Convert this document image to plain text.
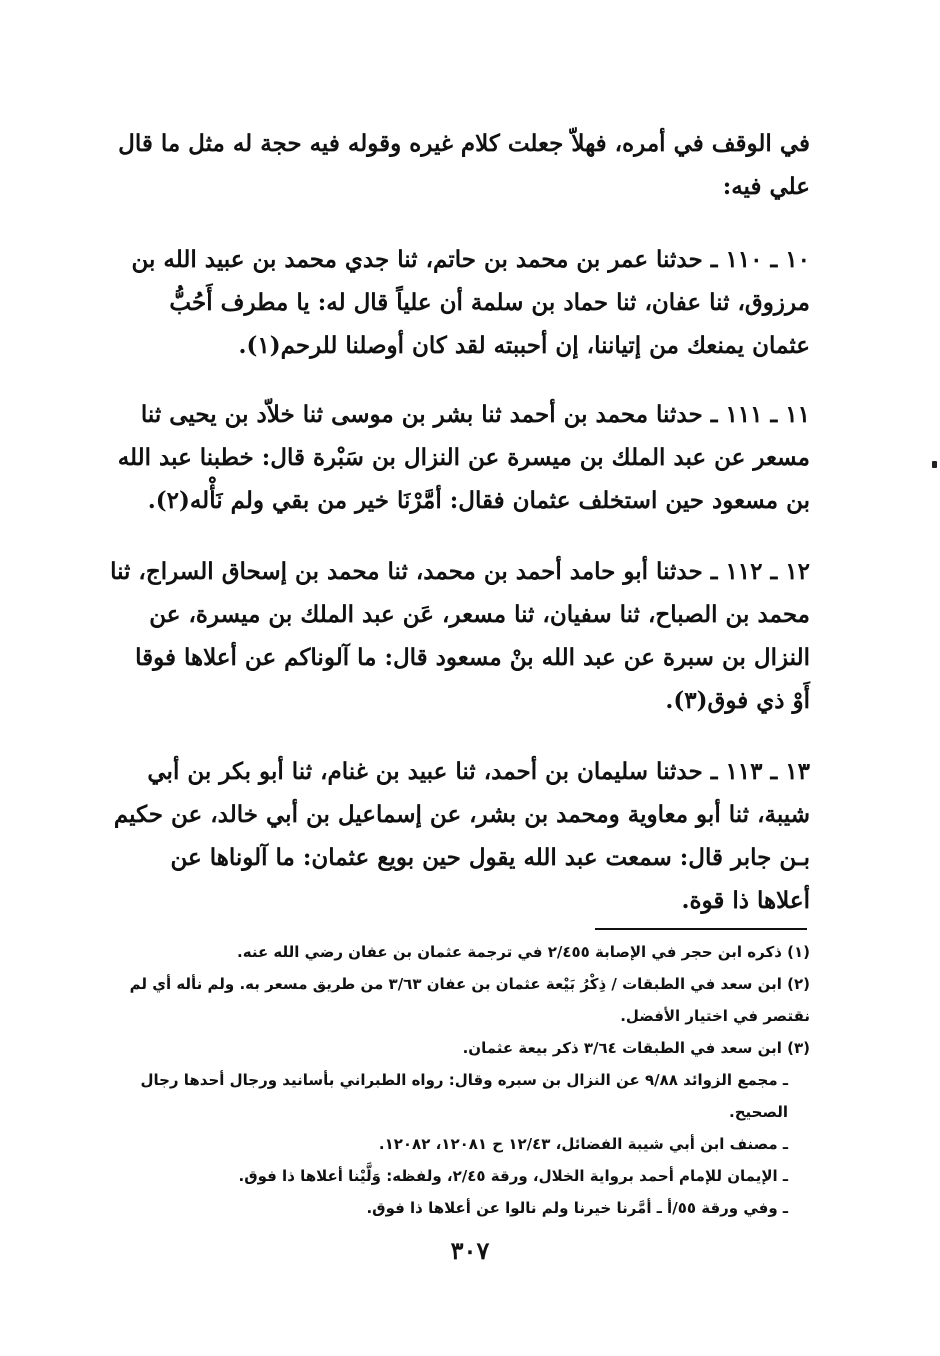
في الوقف في أمره، فهلاّ جعلت كلام غيره وقوله فيه حجة له مثل ما قال علي فيه:

١٠ ـ ١١٠ ـ حدثنا عمر بن محمد بن حاتم، ثنا جدي محمد بن عبيد الله بن مرزوق، ثنا عفان، ثنا حماد بن سلمة أن علياً قال له: يا مطرف أَحُبُّ عثمان يمنعك من إتياننا، إن أحببته لقد كان أوصلنا للرحم(١).

١١ ـ ١١١ ـ حدثنا محمد بن أحمد ثنا بشر بن موسى ثنا خلاّد بن يحيى ثنا مسعر عن عبد الملك بن ميسرة عن النزال بن سَبْرة قال: خطبنا عبد الله بن مسعود حين استخلف عثمان فقال: أمَّرْنَا خير من بقي ولم نَأْله(٢).

١٢ ـ ١١٢ ـ حدثنا أبو حامد أحمد بن محمد، ثنا محمد بن إسحاق السراج، ثنا محمد بن الصباح، ثنا سفيان، ثنا مسعر، عَن عبد الملك بن ميسرة، عن النزال بن سبرة عن عبد الله بنْ مسعود قال: ما آلوناكم عن أعلاها فوقا أَوْ ذي فوق(٣).

١٣ ـ ١١٣ ـ حدثنا سليمان بن أحمد، ثنا عبيد بن غنام، ثنا أبو بكر بن أبي شيبة، ثنا أبو معاوية ومحمد بن بشر، عن إسماعيل بن أبي خالد، عن حكيم بـن جابر قال: سمعت عبد الله يقول حين بويع عثمان: ما آلوناها عن أعلاها ذا قوة.

(١) ذكره ابن حجر في الإصابة ٢/٤٥٥ في ترجمة عثمان بن عفان رضي الله عنه.

(٢) ابن سعد في الطبقات / ذِكْرُ بَيْعة عثمان بن عفان ٣/٦٣ من طريق مسعر به. ولم نأله أي لم نقتصر في اختيار الأفضل.

(٣) ابن سعد في الطبقات ٣/٦٤ ذكر بيعة عثمان.

ـ مجمع الزوائد ٩/٨٨ عن النزال بن سبره وقال: رواه الطبراني بأسانيد ورجال أحدها رجال الصحيح.

ـ مصنف ابن أبي شيبة الفضائل، ١٢/٤٣ ح ١٢٠٨١، ١٢٠٨٢.

ـ الإيمان للإمام أحمد برواية الخلال، ورقة ٢/٤٥، ولفظه: وَلَّيْنا أعلاها ذا فوق.

ـ وفي ورقة ٥٥/أ ـ أمَّرنا خيرنا ولم نالوا عن أعلاها ذا فوق.

٣٠٧
